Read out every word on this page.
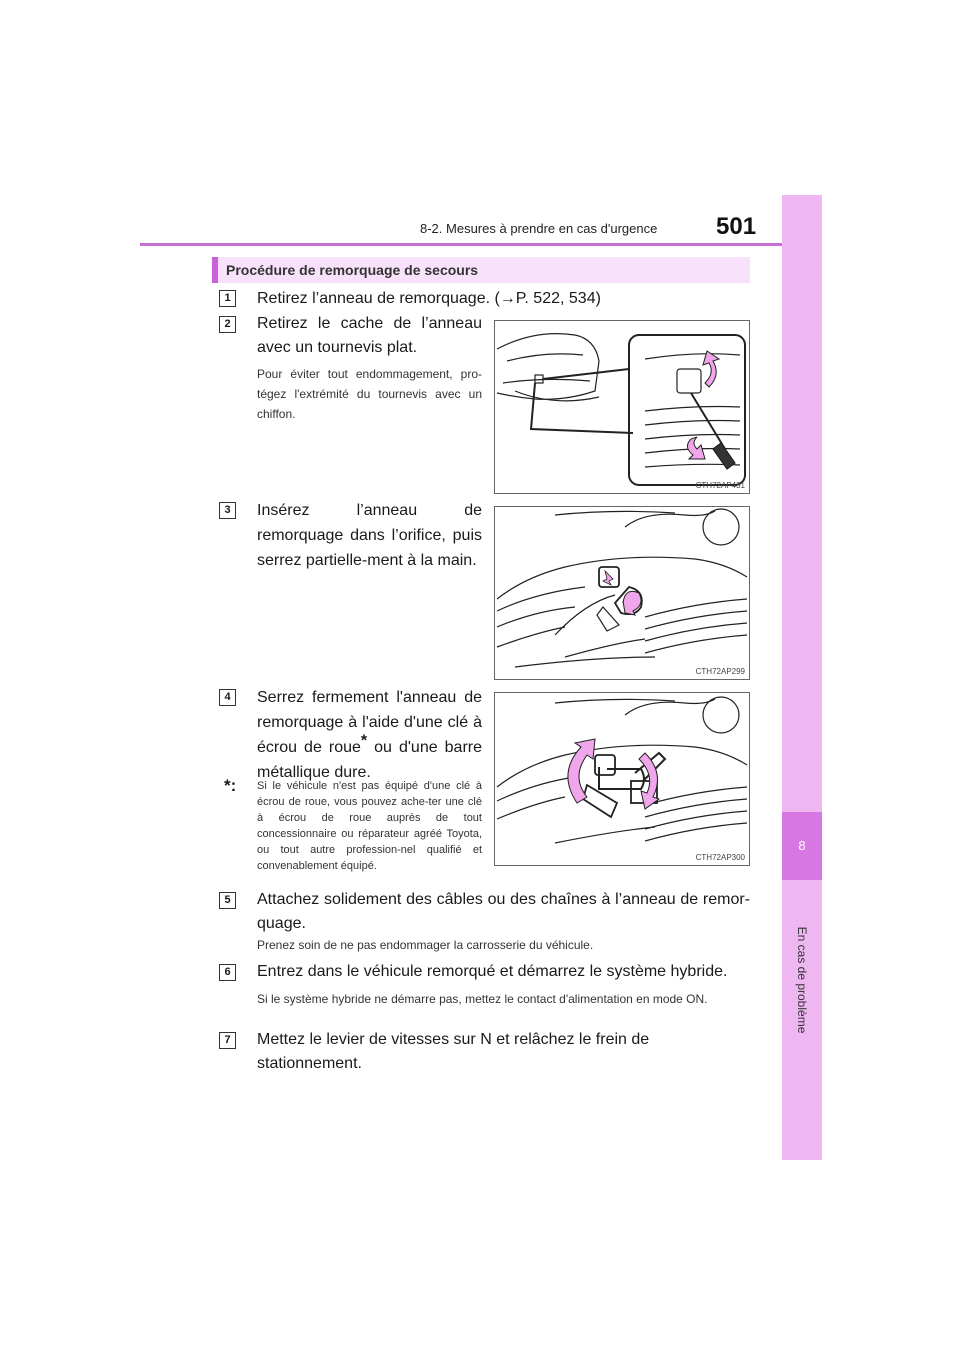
8-2. Mesures à prendre en cas d'urgence 501
8
En cas de problème
Procédure de remorquage de secours
1	Retirez l’anneau de remorquage. (→P. 522, 534)
2	Retirez le cache de l’anneau avec un tournevis plat.
Pour éviter tout endommagement, pro-tégez l'extrémité du tournevis avec un chiffon.
CTH72AP431
3	Insérez l’anneau de remorquage dans l’orifice, puis serrez partielle-ment à la main.
CTH72AP299
4	Serrez fermement l'anneau de remorquage à l'aide d'une clé à écrou de roue* ou d'une barre métallique dure.
*: Si le véhicule n'est pas équipé d'une clé à écrou de roue, vous pouvez ache-ter une clé à écrou de roue auprès de tout concessionnaire ou réparateur agréé Toyota, ou tout autre profession-nel qualifié et convenablement équipé.
CTH72AP300
5	Attachez solidement des câbles ou des chaînes à l’anneau de remor-quage.
Prenez soin de ne pas endommager la carrosserie du véhicule.
6	Entrez dans le véhicule remorqué et démarrez le système hybride.
Si le système hybride ne démarre pas, mettez le contact d'alimentation en mode ON.
7	Mettez le levier de vitesses sur N et relâchez le frein de stationnement.
